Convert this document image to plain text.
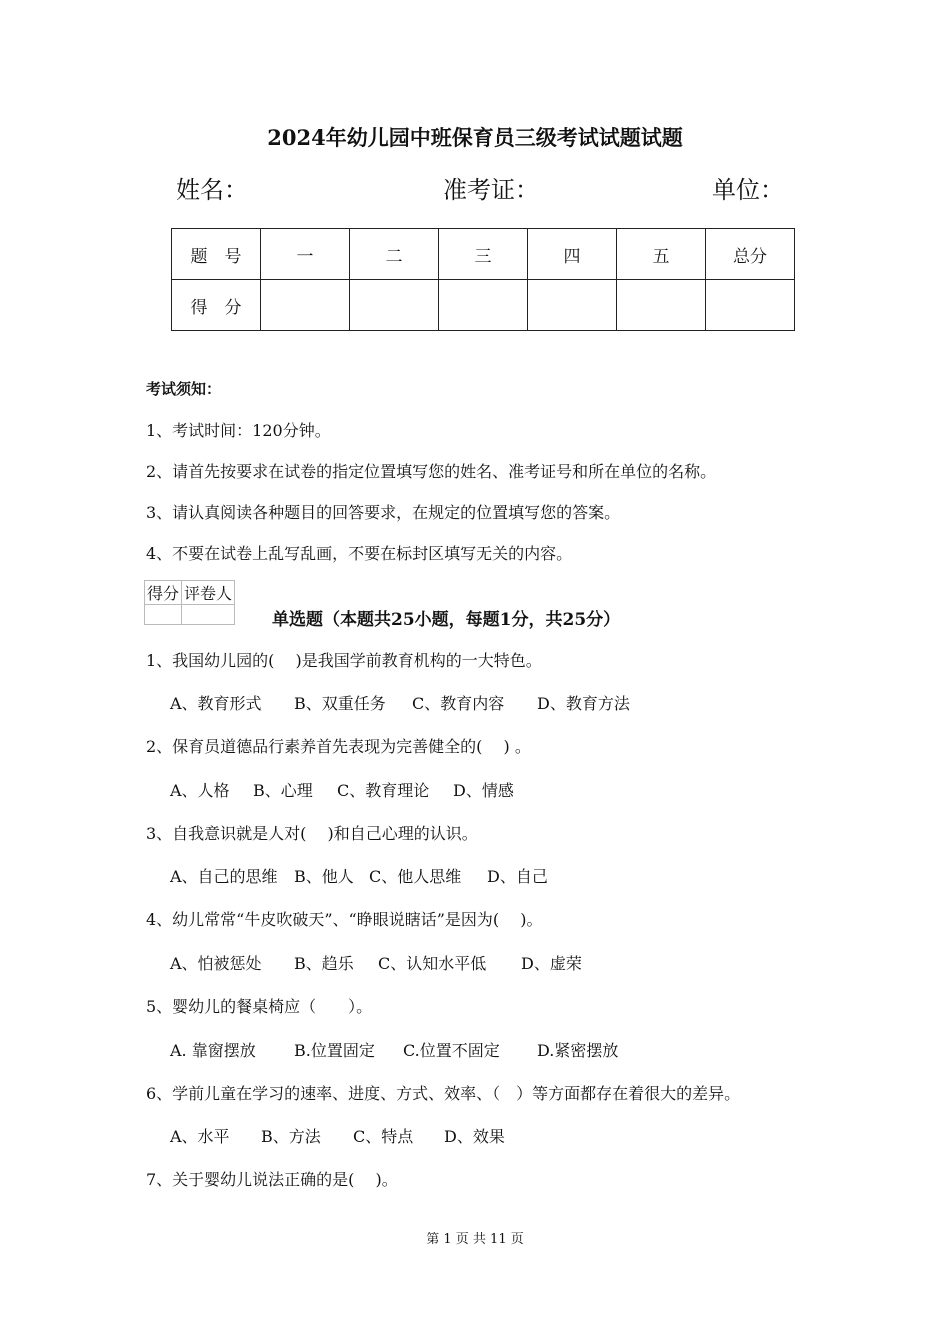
2024年幼儿园中班保育员三级考试试题试题
姓名：	准考证：	单位：
题　号	一	二	三	四	五	总分
得　分						
考试须知：
1、考试时间：120分钟。
2、请首先按要求在试卷的指定位置填写您的姓名、准考证号和所在单位的名称。
3、请认真阅读各种题目的回答要求，在规定的位置填写您的答案。
4、不要在试卷上乱写乱画，不要在标封区填写无关的内容。
得分	评卷人

单选题（本题共25小题，每题1分，共25分）
1、我国幼儿园的(　 )是我国学前教育机构的一大特色。
A、教育形式 B、双重任务 C、教育内容 D、教育方法
2、保育员道德品行素养首先表现为完善健全的(　 ) 。
A、人格 B、心理 C、教育理论 D、情感
3、自我意识就是人对(　 )和自己心理的认识。
A、自己的思维 B、他人 C、他人思维 D、自己
4、幼儿常常“牛皮吹破天”、“睁眼说瞎话”是因为(　 )。
A、怕被惩处 B、趋乐 C、认知水平低 D、虚荣
5、婴幼儿的餐桌椅应（　　）。
A. 靠窗摆放 B.位置固定 C.位置不固定 D.紧密摆放
6、学前儿童在学习的速率、进度、方式、效率、（　）等方面都存在着很大的差异。
A、水平 B、方法 C、特点 D、效果
7、关于婴幼儿说法正确的是(　 )。
第 1 页 共 11 页
